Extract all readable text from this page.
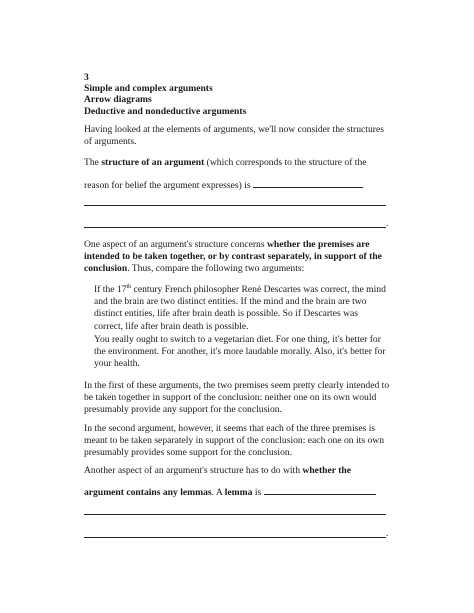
3
Simple and complex arguments
Arrow diagrams
Deductive and nondeductive arguments

Having looked at the elements of arguments, we'll now consider the structures of arguments.

The structure of an argument (which corresponds to the structure of the

reason for belief the argument expresses) is

.

One aspect of an argument's structure concerns whether the premises are intended to be taken together, or by contrast separately, in support of the conclusion. Thus, compare the following two arguments:

If the 17th century French philosopher René Descartes was correct, the mind and the brain are two distinct entities. If the mind and the brain are two distinct entities, life after brain death is possible. So if Descartes was correct, life after brain death is possible.

You really ought to switch to a vegetarian diet. For one thing, it's better for the environment. For another, it's more laudable morally. Also, it's better for your health.

In the first of these arguments, the two premises seem pretty clearly intended to be taken together in support of the conclusion: neither one on its own would presumably provide any support for the conclusion.

In the second argument, however, it seems that each of the three premises is meant to be taken separately in support of the conclusion: each one on its own presumably provides some support for the conclusion.

Another aspect of an argument's structure has to do with whether the

argument contains any lemmas. A lemma is

.
